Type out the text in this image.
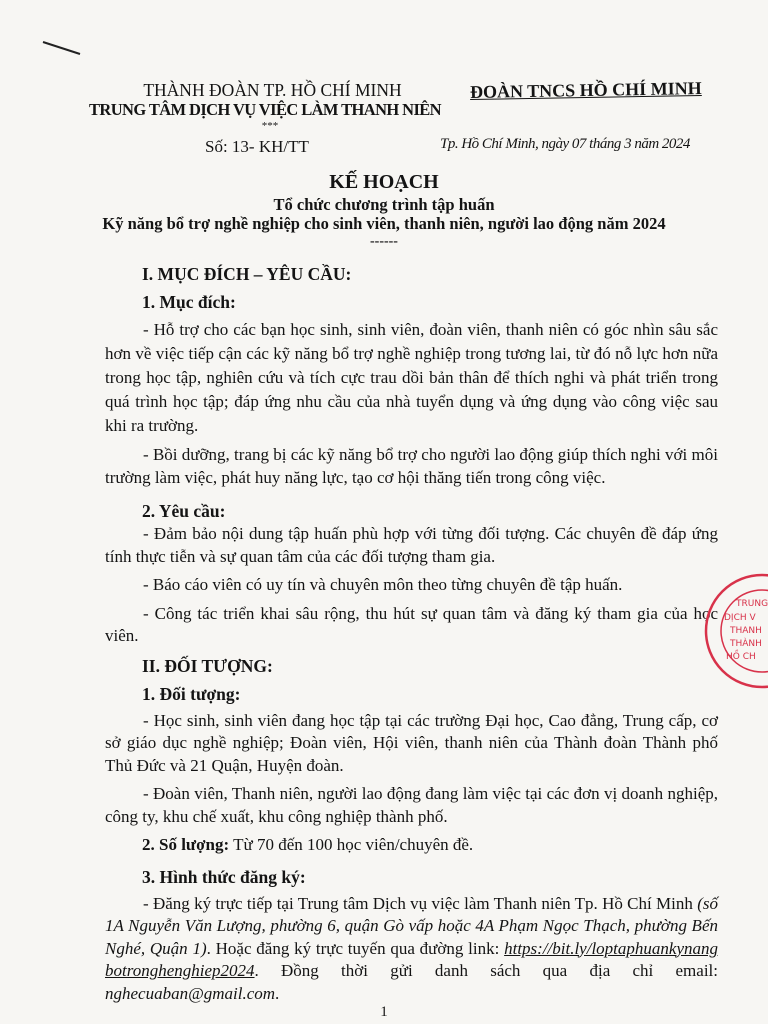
THÀNH ĐOÀN TP. HỒ CHÍ MINH
TRUNG TÂM DỊCH VỤ VIỆC LÀM THANH NIÊN
***
Số: 13- KH/TT
ĐOÀN TNCS HỒ CHÍ MINH
Tp. Hồ Chí Minh, ngày 07 tháng 3 năm 2024
KẾ HOẠCH
Tổ chức chương trình tập huấn
Kỹ năng bổ trợ nghề nghiệp cho sinh viên, thanh niên, người lao động năm 2024
------
I. MỤC ĐÍCH – YÊU CẦU:
1. Mục đích:

- Hỗ trợ cho các bạn học sinh, sinh viên, đoàn viên, thanh niên có góc nhìn sâu sắc hơn về việc tiếp cận các kỹ năng bổ trợ nghề nghiệp trong tương lai, từ đó nỗ lực hơn nữa trong học tập, nghiên cứu và tích cực trau dồi bản thân để thích nghi và phát triển trong quá trình học tập; đáp ứng nhu cầu của nhà tuyển dụng và ứng dụng vào công việc sau khi ra trường.

- Bồi dưỡng, trang bị các kỹ năng bổ trợ cho người lao động giúp thích nghi với môi trường làm việc, phát huy năng lực, tạo cơ hội thăng tiến trong công việc.

2. Yêu cầu:

- Đảm bảo nội dung tập huấn phù hợp với từng đối tượng. Các chuyên đề đáp ứng tính thực tiễn và sự quan tâm của các đối tượng tham gia.

- Báo cáo viên có uy tín và chuyên môn theo từng chuyên đề tập huấn.

- Công tác triển khai sâu rộng, thu hút sự quan tâm và đăng ký tham gia của học viên.

II. ĐỐI TƯỢNG:
1. Đối tượng:

- Học sinh, sinh viên đang học tập tại các trường Đại học, Cao đẳng, Trung cấp, cơ sở giáo dục nghề nghiệp; Đoàn viên, Hội viên, thanh niên của Thành đoàn Thành phố Thủ Đức và 21 Quận, Huyện đoàn.

- Đoàn viên, Thanh niên, người lao động đang làm việc tại các đơn vị doanh nghiệp, công ty, khu chế xuất, khu công nghiệp thành phố.

2. Số lượng: Từ 70 đến 100 học viên/chuyên đề.

3. Hình thức đăng ký:

- Đăng ký trực tiếp tại Trung tâm Dịch vụ việc làm Thanh niên Tp. Hồ Chí Minh (số 1A Nguyễn Văn Lượng, phường 6, quận Gò vấp hoặc 4A Phạm Ngọc Thạch, phường Bến Nghé, Quận 1). Hoặc đăng ký trực tuyến qua đường link: https://bit.ly/loptaphuankynangbotronghenghiep2024. Đồng thời gửi danh sách qua địa chỉ email: nghecuaban@gmail.com.

TRUNG
DỊCH V
THANH
THÀNH
HỒ CH
1
